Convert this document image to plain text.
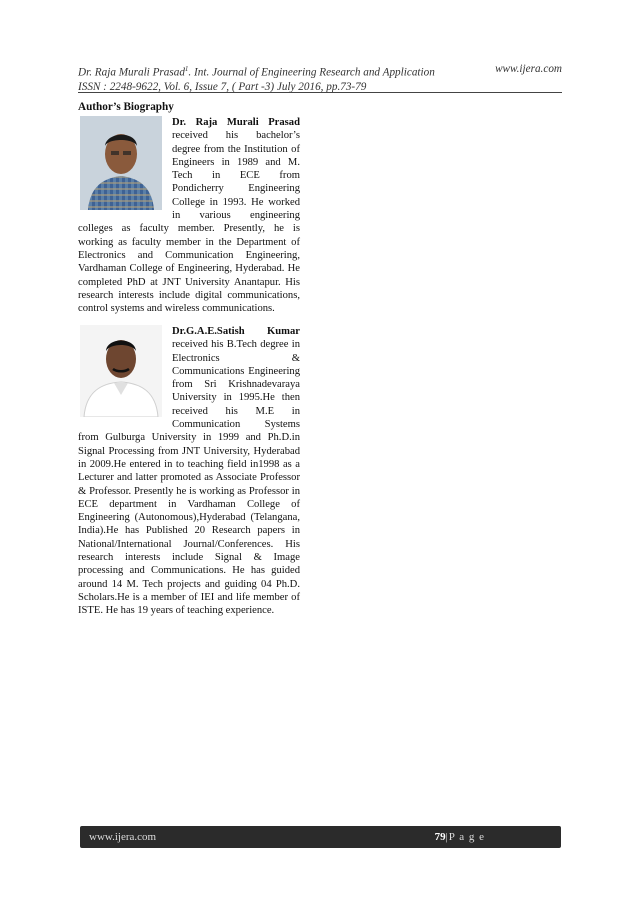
Dr. Raja Murali Prasad$^1$. Int. Journal of Engineering Research and Application	www.ijera.com
ISSN : 2248-9622, Vol. 6, Issue 7, ( Part -3) July 2016, pp.73-79
Author’s Biography
Dr. Raja Murali Prasad received his bachelor’s degree from the Institution of Engineers in 1989 and M. Tech in ECE from Pondicherry Engineering College in 1993. He worked in various engineering colleges as faculty member. Presently, he is working as faculty member in the Department of Electronics and Communication Engineering, Vardhaman College of Engineering, Hyderabad. He completed PhD at JNT University Anantapur. His research interests include digital communications, control systems and wireless communications.
Dr.G.A.E.Satish Kumar received his B.Tech degree in Electronics & Communications Engineering from Sri Krishnadevaraya University in 1995.He then received his M.E in Communication Systems from Gulburga University in 1999 and Ph.D.in Signal Processing from JNT University, Hyderabad in 2009.He entered in to teaching field in1998 as a Lecturer and latter promoted as Associate Professor & Professor. Presently he is working as Professor in ECE department in Vardhaman College of Engineering (Autonomous),Hyderabad (Telangana, India).He has Published 20 Research papers in National/International Journal/Conferences. His research interests include Signal & Image processing and Communications. He has guided around 14 M. Tech projects and guiding 04 Ph.D. Scholars.He is a member of IEI and life member of ISTE. He has 19 years of teaching experience.
www.ijera.com	79|P a g e
